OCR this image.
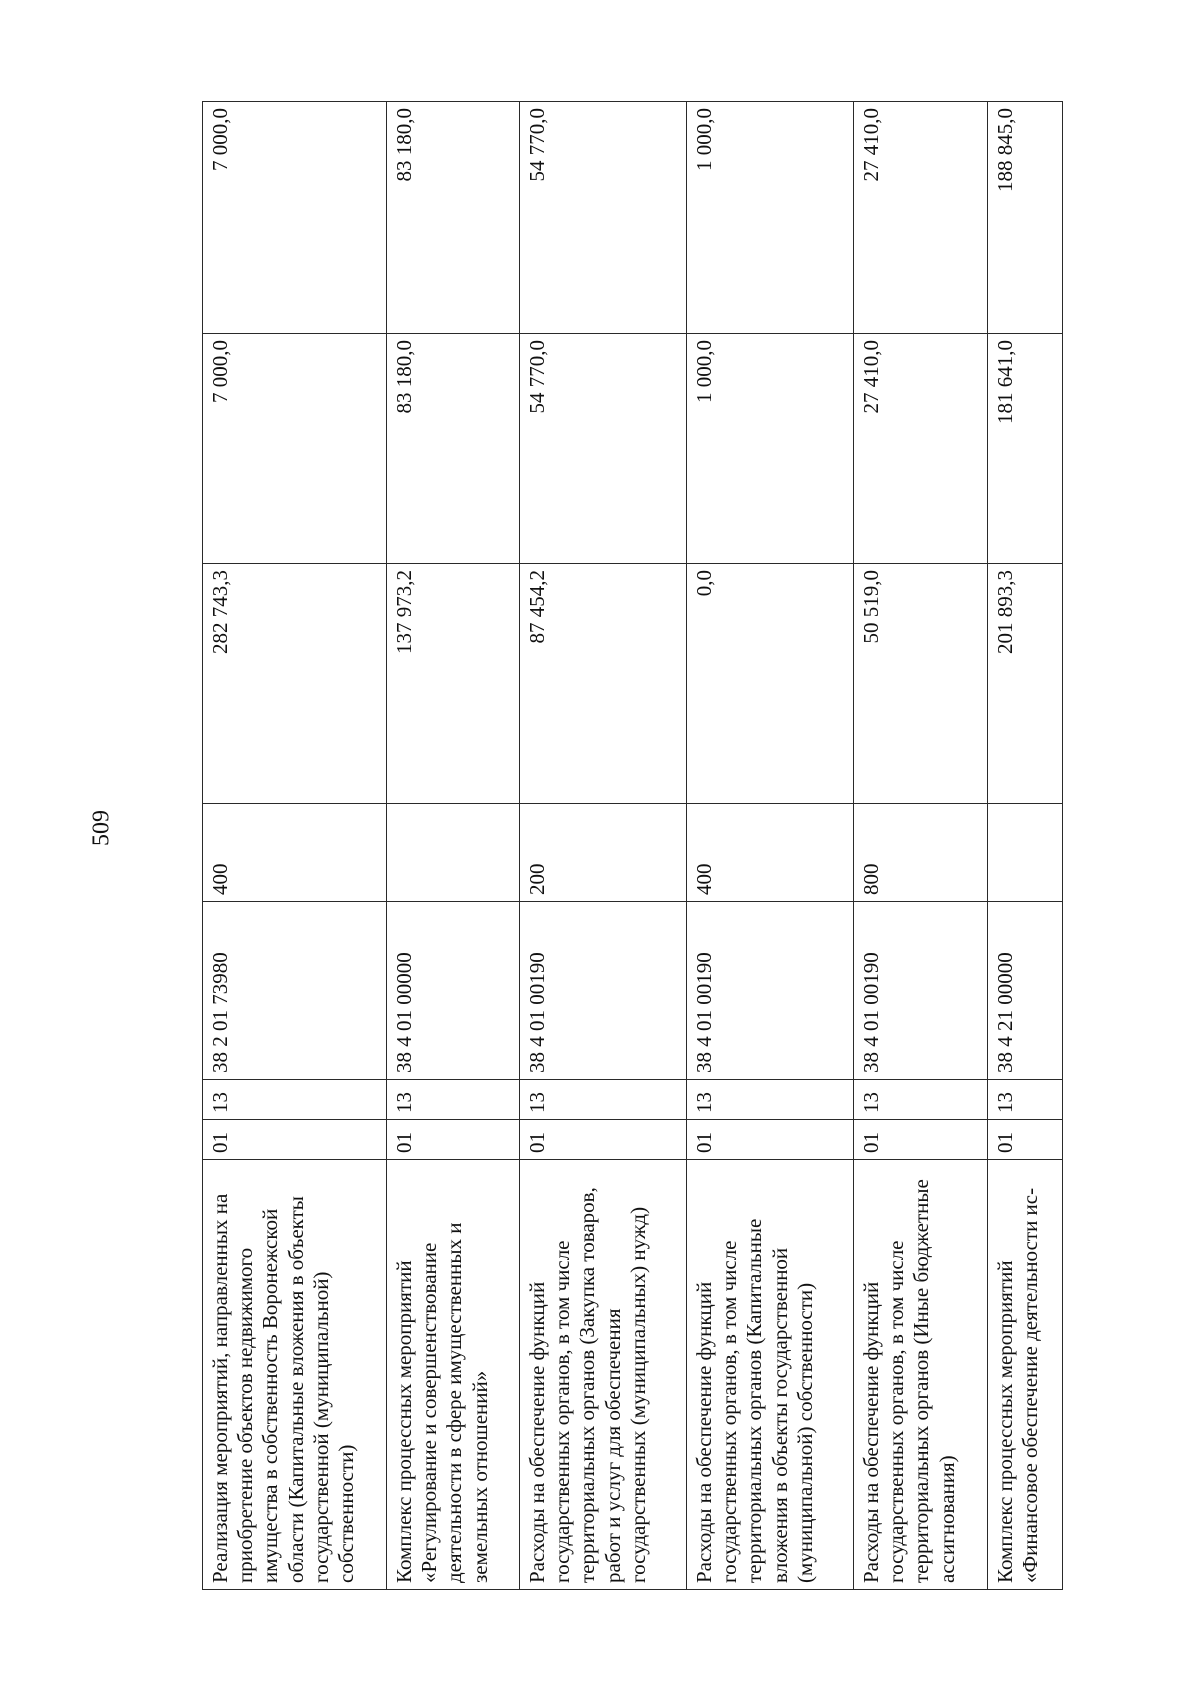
509
Реализация мероприятий, направленных на приобретение объектов недвижимого имущества в собственность Воронежской области (Капитальные вложения в объекты государственной (муниципальной) собственности)	01	13	38 2 01 73980	400	282 743,3	7 000,0	7 000,0
Комплекс процессных мероприятий «Регулирование и совершенствование деятельности в сфере имущественных и земельных отношений»	01	13	38 4 01 00000		137 973,2	83 180,0	83 180,0
Расходы на обеспечение функций государственных органов, в том числе территориальных органов (Закупка товаров, работ и услуг для обеспечения государственных (муниципальных) нужд)	01	13	38 4 01 00190	200	87 454,2	54 770,0	54 770,0
Расходы на обеспечение функций государственных органов, в том числе территориальных органов (Капитальные вложения в объекты государственной (муниципальной) собственности)	01	13	38 4 01 00190	400	0,0	1 000,0	1 000,0
Расходы на обеспечение функций государственных органов, в том числе территориальных органов (Иные бюджетные ассигнования)	01	13	38 4 01 00190	800	50 519,0	27 410,0	27 410,0
Комплекс процессных мероприятий «Финансовое обеспечение деятельности ис-	01	13	38 4 21 00000		201 893,3	181 641,0	188 845,0
